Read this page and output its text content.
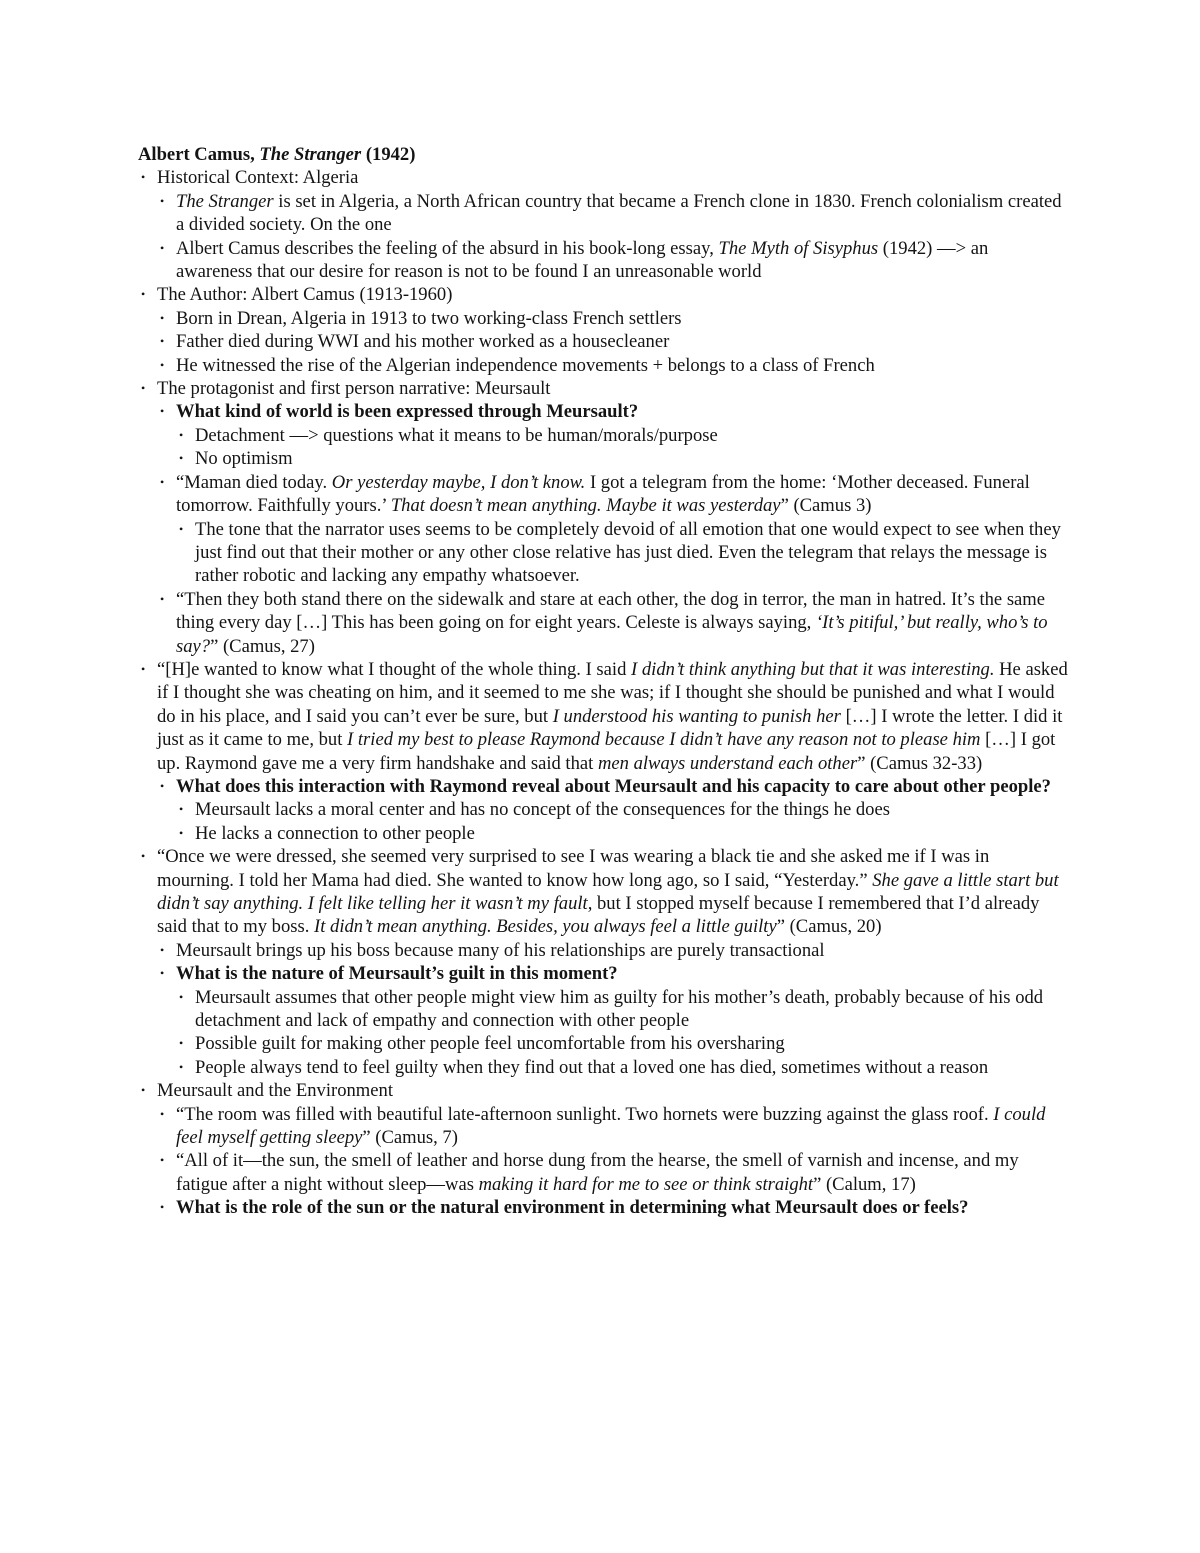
Albert Camus, The Stranger (1942)

• Historical Context: Algeria
• The Stranger is set in Algeria, a North African country that became a French clone in 1830. French colonialism created a divided society. On the one
• Albert Camus describes the feeling of the absurd in his book-long essay, The Myth of Sisyphus (1942) —> an awareness that our desire for reason is not to be found I an unreasonable world
• The Author: Albert Camus (1913-1960)
• Born in Drean, Algeria in 1913 to two working-class French settlers
• Father died during WWI and his mother worked as a housecleaner
• He witnessed the rise of the Algerian independence movements + belongs to a class of French
• The protagonist and first person narrative: Meursault
• What kind of world is been expressed through Meursault?
• Detachment —> questions what it means to be human/morals/purpose
• No optimism
• “Maman died today. Or yesterday maybe, I don’t know. I got a telegram from the home: ‘Mother deceased. Funeral tomorrow. Faithfully yours.’ That doesn’t mean anything. Maybe it was yesterday” (Camus 3)
• The tone that the narrator uses seems to be completely devoid of all emotion that one would expect to see when they just find out that their mother or any other close relative has just died. Even the telegram that relays the message is rather robotic and lacking any empathy whatsoever.
• “Then they both stand there on the sidewalk and stare at each other, the dog in terror, the man in hatred. It’s the same thing every day […] This has been going on for eight years. Celeste is always saying, ‘It’s pitiful,’ but really, who’s to say?” (Camus, 27)
• “[H]e wanted to know what I thought of the whole thing. I said I didn’t think anything but that it was interesting. He asked if I thought she was cheating on him, and it seemed to me she was; if I thought she should be punished and what I would do in his place, and I said you can’t ever be sure, but I understood his wanting to punish her […] I wrote the letter. I did it just as it came to me, but I tried my best to please Raymond because I didn’t have any reason not to please him […] I got up. Raymond gave me a very firm handshake and said that men always understand each other” (Camus 32-33)
• What does this interaction with Raymond reveal about Meursault and his capacity to care about other people?
• Meursault lacks a moral center and has no concept of the consequences for the things he does
• He lacks a connection to other people
• “Once we were dressed, she seemed very surprised to see I was wearing a black tie and she asked me if I was in mourning. I told her Mama had died. She wanted to know how long ago, so I said, “Yesterday.” She gave a little start but didn’t say anything. I felt like telling her it wasn’t my fault, but I stopped myself because I remembered that I’d already said that to my boss. It didn’t mean anything. Besides, you always feel a little guilty” (Camus, 20)
• Meursault brings up his boss because many of his relationships are purely transactional
• What is the nature of Meursault’s guilt in this moment?
• Meursault assumes that other people might view him as guilty for his mother’s death, probably because of his odd detachment and lack of empathy and connection with other people
• Possible guilt for making other people feel uncomfortable from his oversharing
• People always tend to feel guilty when they find out that a loved one has died, sometimes without a reason
• Meursault and the Environment
• “The room was filled with beautiful late-afternoon sunlight. Two hornets were buzzing against the glass roof. I could feel myself getting sleepy” (Camus, 7)
• “All of it—the sun, the smell of leather and horse dung from the hearse, the smell of varnish and incense, and my fatigue after a night without sleep—was making it hard for me to see or think straight” (Calum, 17)
• What is the role of the sun or the natural environment in determining what Meursault does or feels?
